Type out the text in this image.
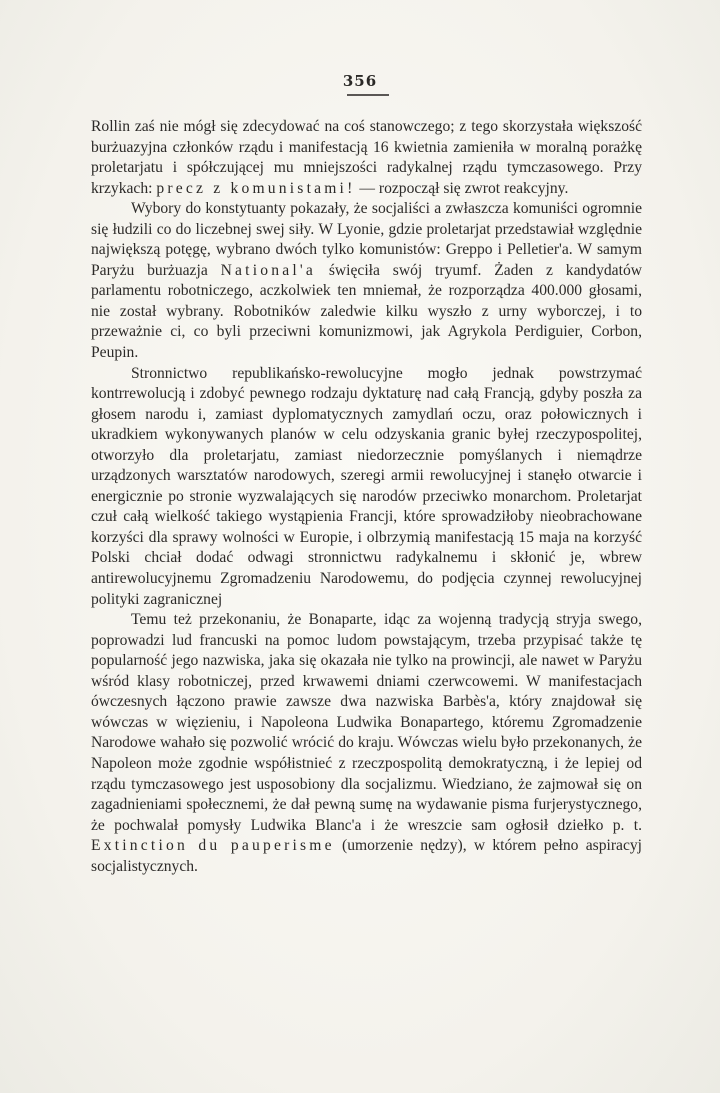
356

Rollin zaś nie mógł się zdecydować na coś stanowczego; z tego skorzystała większość burżuazyjna członków rządu i manifestacją 16 kwietnia zamieniła w moralną porażkę proletarjatu i spółczującej mu mniejszości radykalnej rządu tymczasowego. Przy krzykach: precz z komunistami! — rozpoczął się zwrot reakcyjny.

Wybory do konstytuanty pokazały, że socjaliści a zwłaszcza komuniści ogromnie się łudzili co do liczebnej swej siły. W Lyonie, gdzie proletarjat przedstawiał względnie największą potęgę, wybrano dwóch tylko komunistów: Greppo i Pelletier'a. W samym Paryżu burżuazja National'a święciła swój tryumf. Żaden z kandydatów parlamentu robotniczego, aczkolwiek ten mniemał, że rozporządza 400.000 głosami, nie został wybrany. Robotników zaledwie kilku wyszło z urny wyborczej, i to przeważnie ci, co byli przeciwni komunizmowi, jak Agrykola Perdiguier, Corbon, Peupin.

Stronnictwo republikańsko-rewolucyjne mogło jednak powstrzymać kontrrewolucją i zdobyć pewnego rodzaju dyktaturę nad całą Francją, gdyby poszła za głosem narodu i, zamiast dyplomatycznych zamydlań oczu, oraz połowicznych i ukradkiem wykonywanych planów w celu odzyskania granic byłej rzeczypospolitej, otworzyło dla proletarjatu, zamiast niedorzecznie pomyślanych i niemądrze urządzonych warsztatów narodowych, szeregi armii rewolucyjnej i stanęło otwarcie i energicznie po stronie wyzwalających się narodów przeciwko monarchom. Proletarjat czuł całą wielkość takiego wystąpienia Francji, które sprowadziłoby nieobrachowane korzyści dla sprawy wolności w Europie, i olbrzymią manifestacją 15 maja na korzyść Polski chciał dodać odwagi stronnictwu radykalnemu i skłonić je, wbrew antirewolucyjnemu Zgromadzeniu Narodowemu, do podjęcia czynnej rewolucyjnej polityki zagranicznej

Temu też przekonaniu, że Bonaparte, idąc za wojenną tradycją stryja swego, poprowadzi lud francuski na pomoc ludom powstającym, trzeba przypisać także tę popularność jego nazwiska, jaka się okazała nie tylko na prowincji, ale nawet w Paryżu wśród klasy robotniczej, przed krwawemi dniami czerwcowemi. W manifestacjach ówczesnych łączono prawie zawsze dwa nazwiska Barbès'a, który znajdował się wówczas w więzieniu, i Napoleona Ludwika Bonapartego, któremu Zgromadzenie Narodowe wahało się pozwolić wrócić do kraju. Wówczas wielu było przekonanych, że Napoleon może zgodnie współistnieć z rzeczpospolitą demokratyczną, i że lepiej od rządu tymczasowego jest usposobiony dla socjalizmu. Wiedziano, że zajmował się on zagadnieniami społecznemi, że dał pewną sumę na wydawanie pisma furjerystycznego, że pochwalał pomysły Ludwika Blanc'a i że wreszcie sam ogłosił dziełko p. t. Extinction du pauperisme (umorzenie nędzy), w którem pełno aspiracyj socjalistycznych.
